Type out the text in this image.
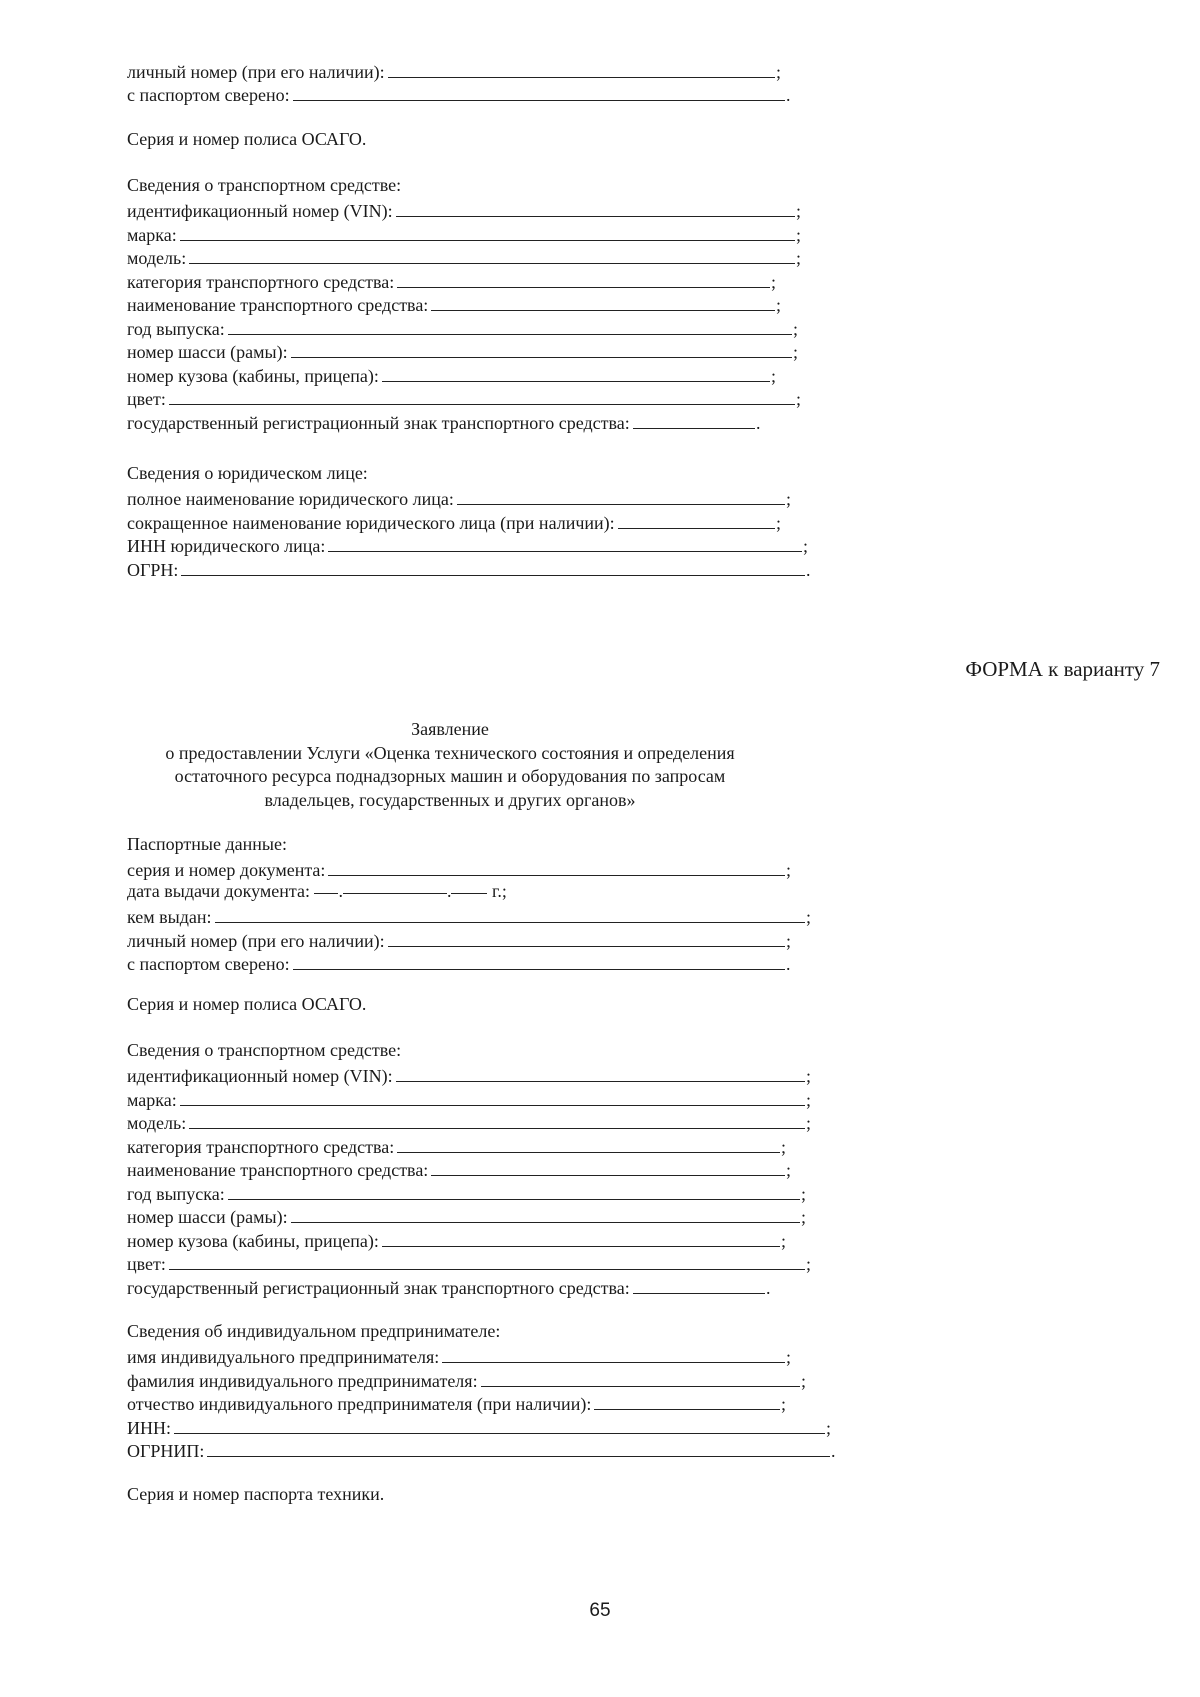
личный номер (при его наличии):	;
с паспортом сверено:	.
Серия и номер полиса ОСАГО.
Сведения о транспортном средстве:
идентификационный номер (VIN):	;
марка:	;
модель:	;
категория транспортного средства:	;
наименование транспортного средства:	;
год выпуска:	;
номер шасси (рамы):	;
номер кузова (кабины, прицепа):	;
цвет:	;
государственный регистрационный знак транспортного средства:	.
Сведения о юридическом лице:
полное наименование юридического лица:	;
сокращенное наименование юридического лица (при наличии):	;
ИНН юридического лица:	;
ОГРН:	.
ФОРМА к варианту 7
Заявление
о предоставлении Услуги «Оценка технического состояния и определения
остаточного ресурса поднадзорных машин и оборудования по запросам
владельцев, государственных и других органов»
Паспортные данные:
серия и номер документа:	;
дата выдачи документа: .	. г.;
кем выдан:	;
личный номер (при его наличии):	;
с паспортом сверено:	.
Серия и номер полиса ОСАГО.
Сведения о транспортном средстве:
идентификационный номер (VIN):	;
марка:	;
модель:	;
категория транспортного средства:	;
наименование транспортного средства:	;
год выпуска:	;
номер шасси (рамы):	;
номер кузова (кабины, прицепа):	;
цвет:	;
государственный регистрационный знак транспортного средства:	.
Сведения об индивидуальном предпринимателе:
имя индивидуального предпринимателя:	;
фамилия индивидуального предпринимателя:	;
отчество индивидуального предпринимателя (при наличии):	;
ИНН:	;
ОГРНИП:	.
Серия и номер паспорта техники.
65
